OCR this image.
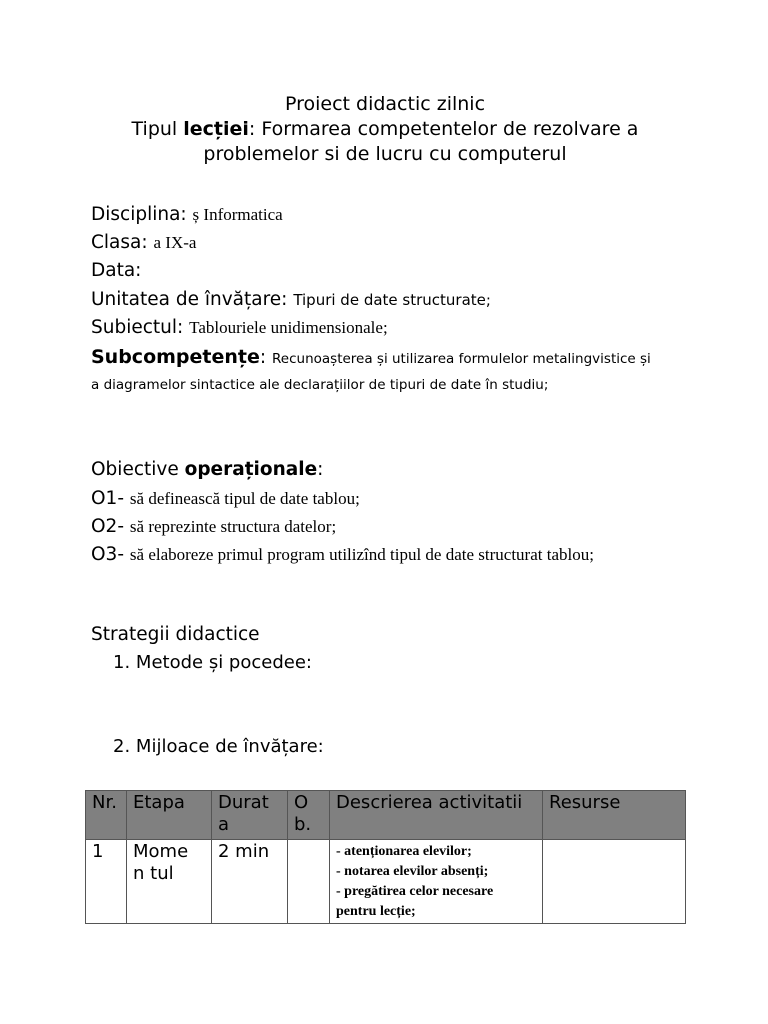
Proiect didactic zilnic
Tipul lecției: Formarea competentelor de rezolvare a
problemelor si de lucru cu computerul
Disciplina: ș Informatica
Clasa: a IX-a
Data:
Unitatea de învățare: Tipuri de date structurate;
Subiectul: Tablouriele unidimensionale;
Subcompetențe: Recunoașterea și utilizarea formulelor metalingvistice și
a diagramelor sintactice ale declarațiilor de tipuri de date în studiu;
Obiective operaționale:
O1- să definească tipul de date tablou;
O2- să reprezinte structura datelor;
O3- să elaboreze primul program utilizînd tipul de date structurat tablou;
Strategii didactice
1. Metode și pocedee:
2. Mijloace de învățare:
Nr.	Etapa	Durat a	O b.	Descrierea activitatii	Resurse
1	Mome n tul	2 min		- atenționarea elevilor;
- notarea elevilor absenți;
- pregătirea celor necesare pentru lecție;	
